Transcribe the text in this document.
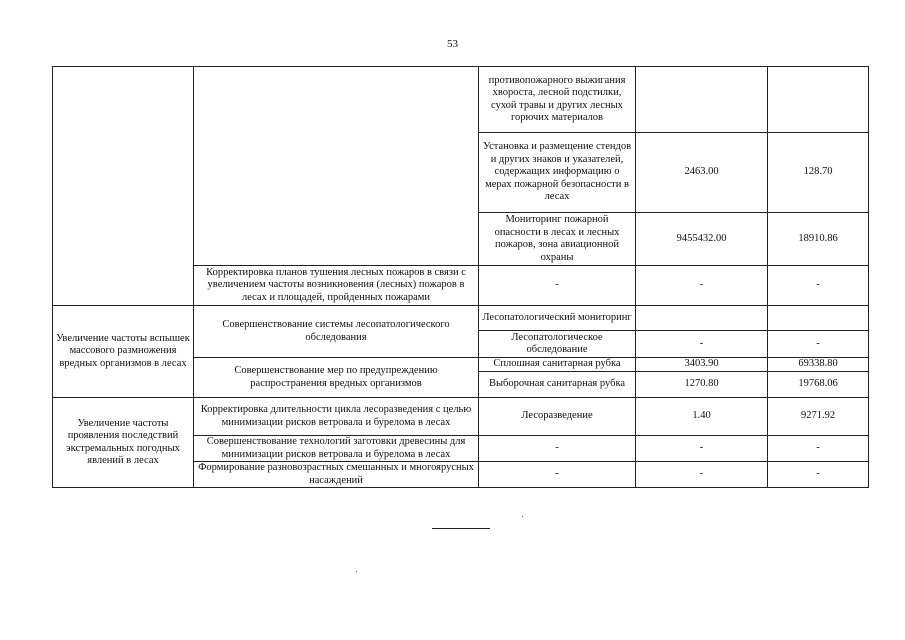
53
		противопожарного выжигания хвороста, лесной подстилки, сухой травы и других лесных горючих материалов		
		Установка и размещение стендов и других знаков и указателей, содержащих информацию о мерах пожарной безопасности в лесах	2463.00	128.70
		Мониторинг пожарной опасности в лесах и лесных пожаров, зона авиационной охраны	9455432.00	18910.86
	Корректировка планов тушения лесных пожаров в связи с увеличением частоты возникновения (лесных) пожаров в лесах и площадей, пройденных пожарами	-	-	-
Увеличение частоты вспышек массового размножения вредных организмов в лесах	Совершенствование системы лесопатологического обследования	Лесопатологический мониторинг		
		Лесопатологическое обследование	-	-
	Совершенствование мер по предупреждению распространения вредных организмов	Сплошная санитарная рубка	3403.90	69338.80
		Выборочная санитарная рубка	1270.80	19768.06
Увеличение частоты проявления последствий экстремальных погодных явлений в лесах	Корректировка длительности цикла лесоразведения с целью минимизации рисков ветровала и бурелома в лесах	Лесоразведение	1.40	9271.92
	Совершенствование технологий заготовки древесины для минимизации рисков ветровала и бурелома в лесах	-	-	-
	Формирование разновозрастных смешанных и многоярусных насаждений	-	-	-
